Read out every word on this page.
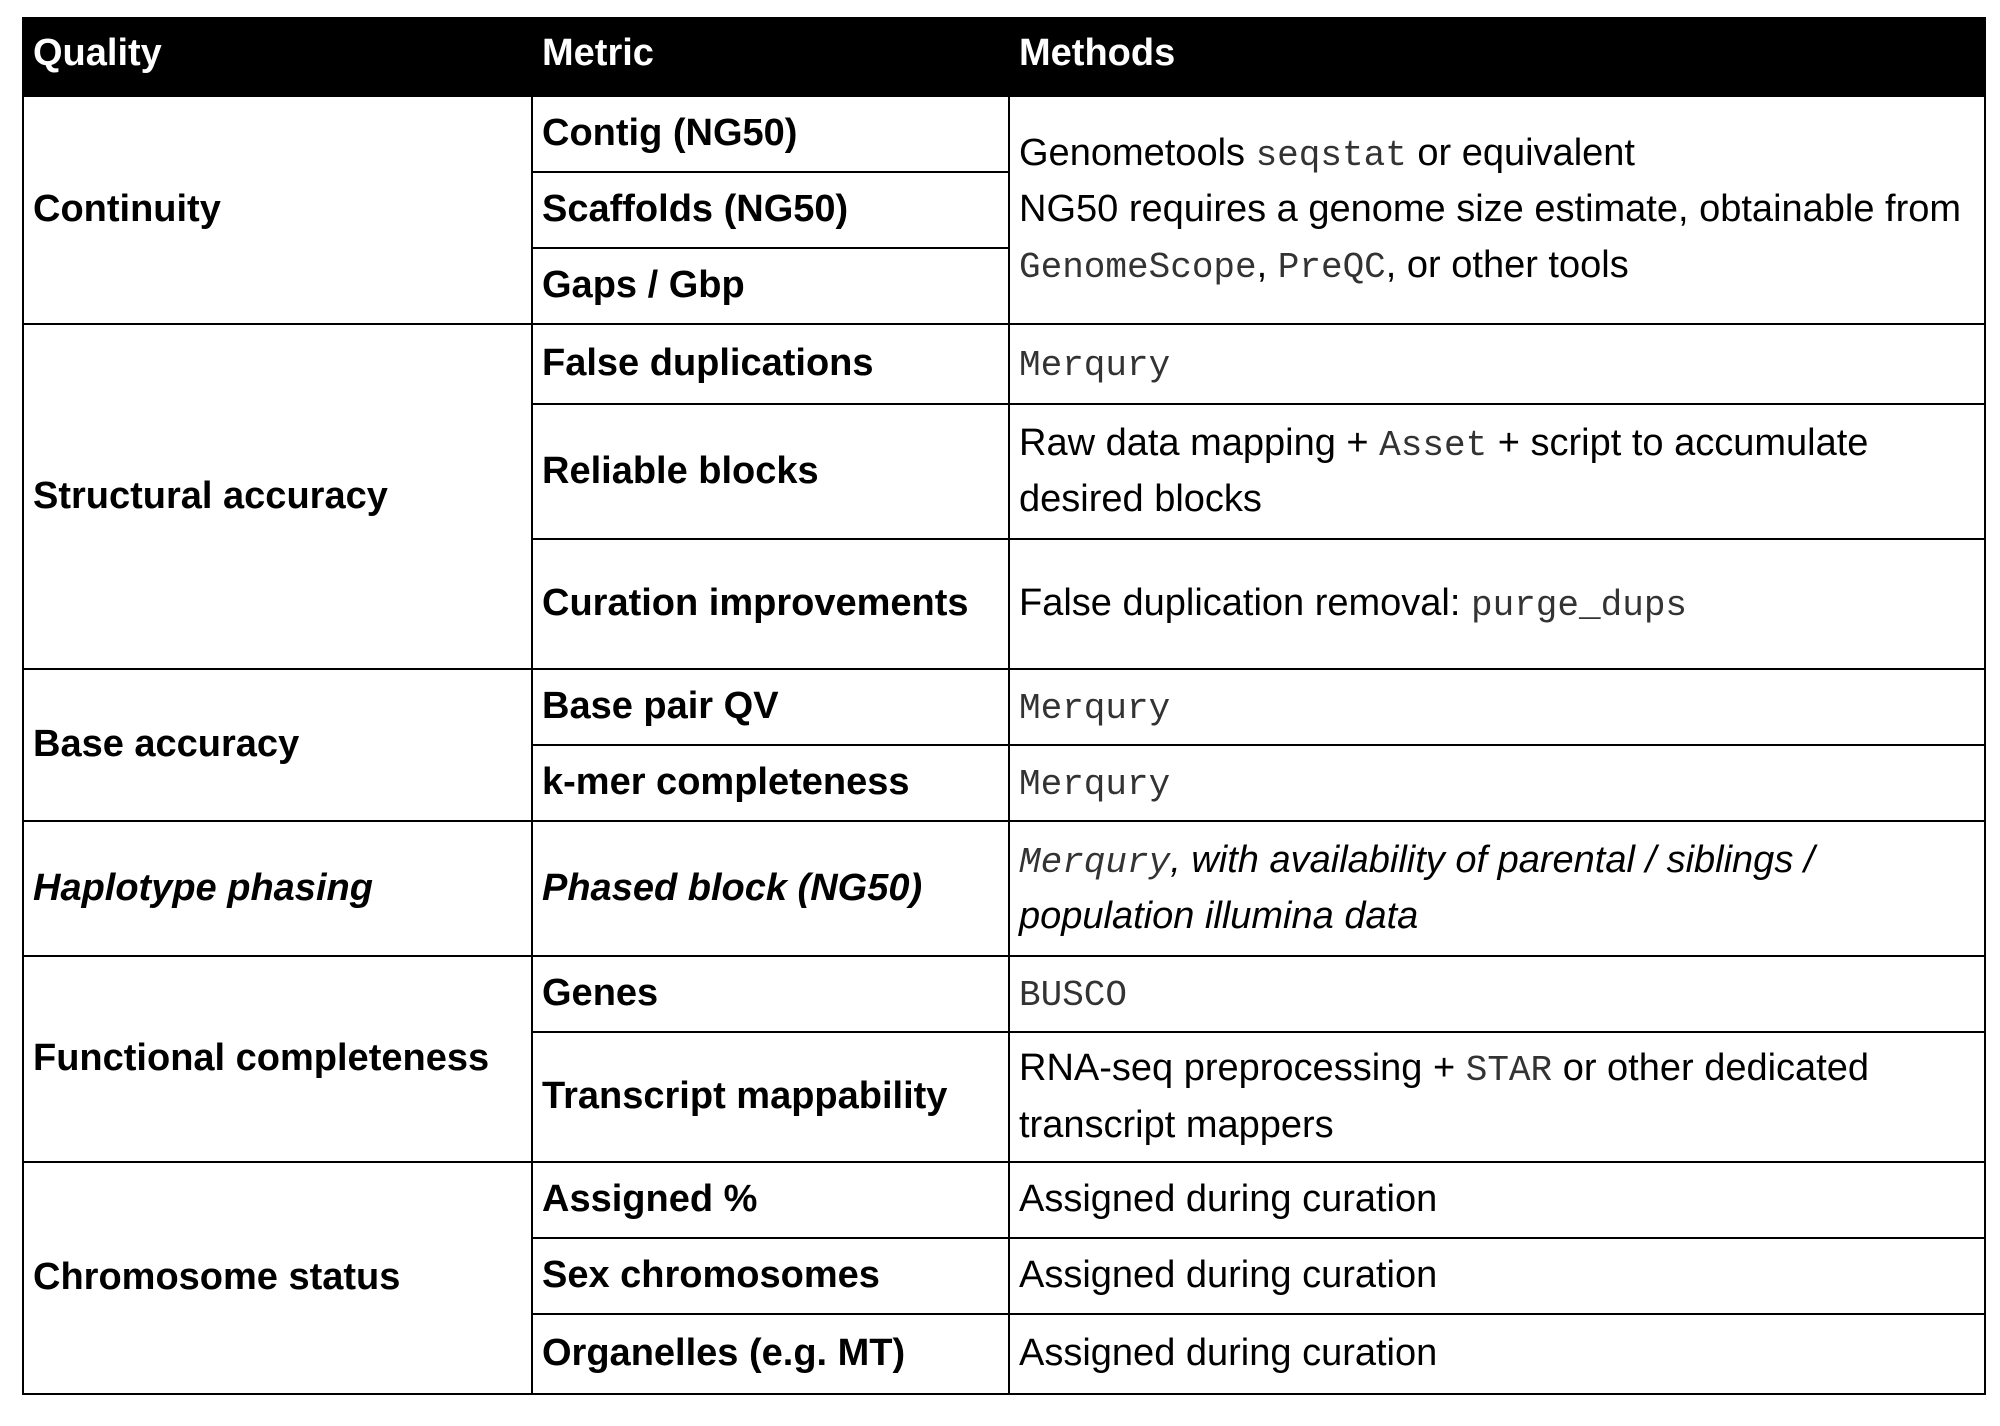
Quality	Metric	Methods
Continuity	Contig (NG50)	Genometools seqstat or equivalent
NG50 requires a genome size estimate, obtainable from GenomeScope, PreQC, or other tools
	Scaffolds (NG50)	
	Gaps / Gbp	
Structural accuracy	False duplications	Merqury
	Reliable blocks	Raw data mapping + Asset + script to accumulate desired blocks
	Curation improvements	False duplication removal: purge_dups
Base accuracy	Base pair QV	Merqury
	k-mer completeness	Merqury
Haplotype phasing	Phased block (NG50)	Merqury, with availability of parental / siblings / population illumina data
Functional completeness	Genes	BUSCO
	Transcript mappability	RNA-seq preprocessing + STAR or other dedicated transcript mappers
Chromosome status	Assigned %	Assigned during curation
	Sex chromosomes	Assigned during curation
	Organelles (e.g. MT)	Assigned during curation
